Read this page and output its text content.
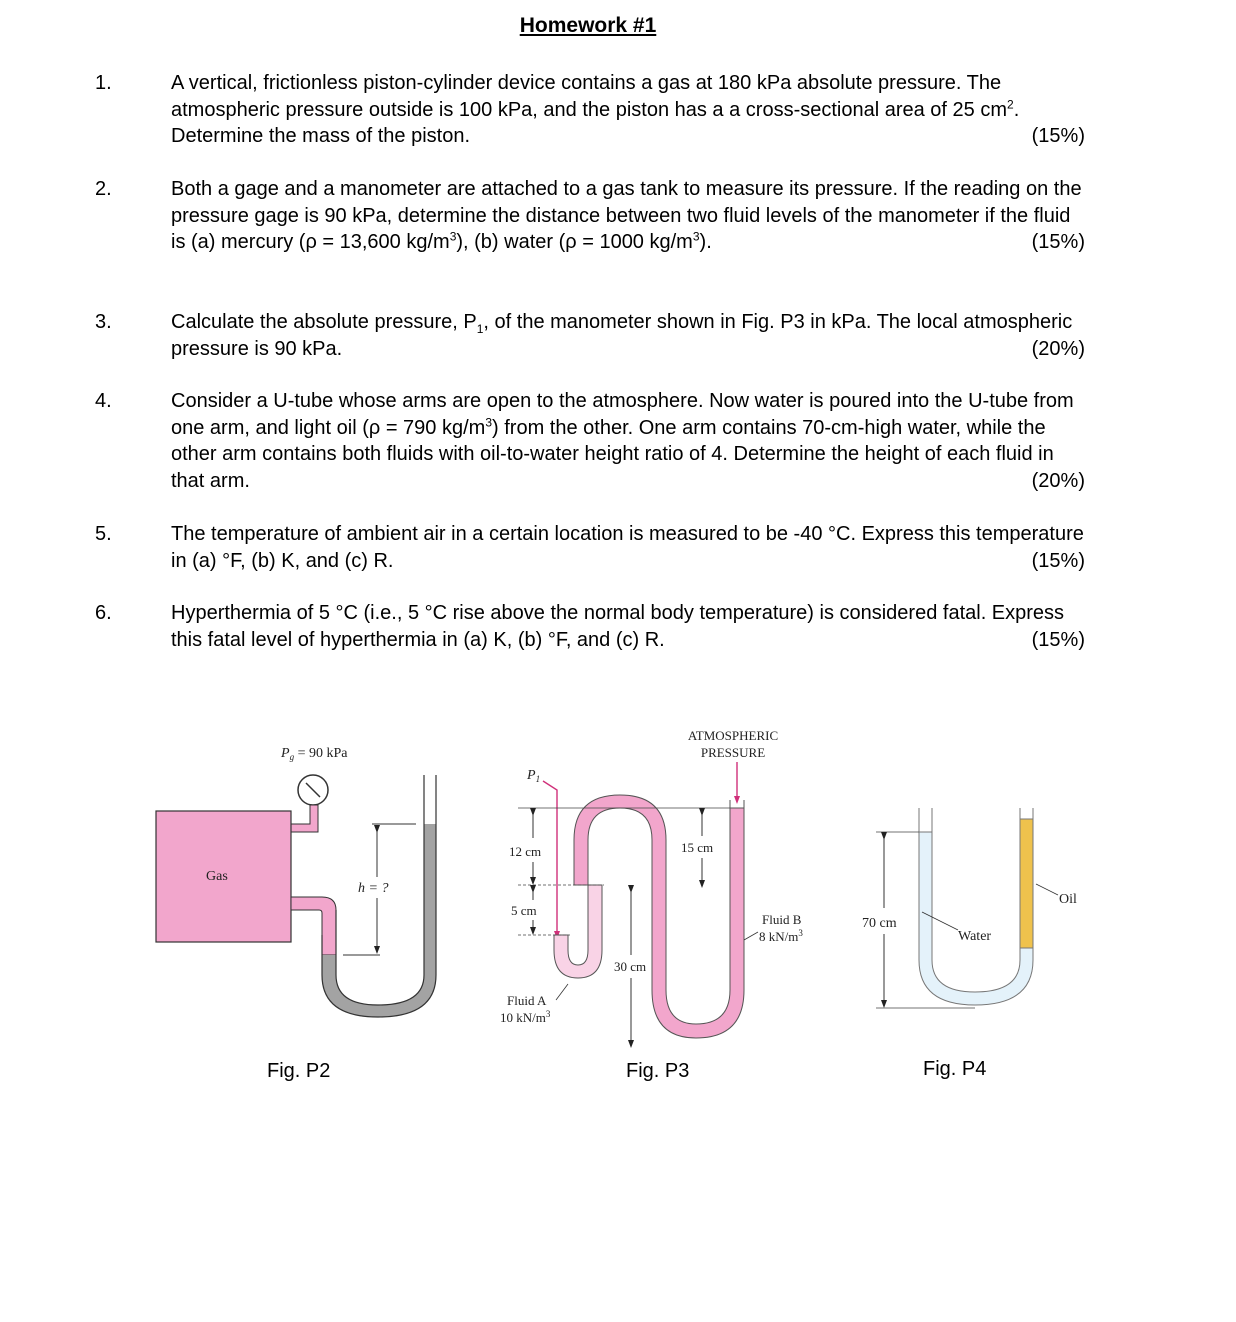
Homework #1
1.	A vertical, frictionless piston-cylinder device contains a gas at 180 kPa absolute pressure. The atmospheric pressure outside is 100 kPa, and the piston has a a cross-sectional area of 25 $cm^2$. Determine the mass of the piston.	(15%)
2.	Both a gage and a manometer are attached to a gas tank to measure its pressure. If the reading on the pressure gage is 90 kPa, determine the distance between two fluid levels of the manometer if the fluid is (a) mercury (ρ = 13,600 $kg/m^3$), (b) water (ρ = 1000 $kg/m^3$).	(15%)
3.	Calculate the absolute pressure, $P_1$, of the manometer shown in Fig. P3 in kPa. The local atmospheric pressure is 90 kPa.	(20%)
4.	Consider a U-tube whose arms are open to the atmosphere. Now water is poured into the U-tube from one arm, and light oil (ρ = 790 $kg/m^3$) from the other. One arm contains 70-cm-high water, while the other arm contains both fluids with oil-to-water height ratio of 4. Determine the height of each fluid in that arm.	(20%)
5.	The temperature of ambient air in a certain location is measured to be -40 °C. Express this temperature in (a) °F, (b) K, and (c) R.	(15%)
6.	Hyperthermia of 5 °C (i.e., 5 °C rise above the normal body temperature) is considered fatal. Express this fatal level of hyperthermia in (a) K, (b) °F, and (c) R.	(15%)
$P_g = 90$ kPa
Gas
h = ?
Fig. P2
ATMOSPHERIC
PRESSURE
$P_1$
12 cm
5 cm
15 cm
30 cm
Fluid A
10 $kN/m^3$
Fluid B
8 $kN/m^3$
Fig. P3
70 cm
Water
Oil
Fig. P4
